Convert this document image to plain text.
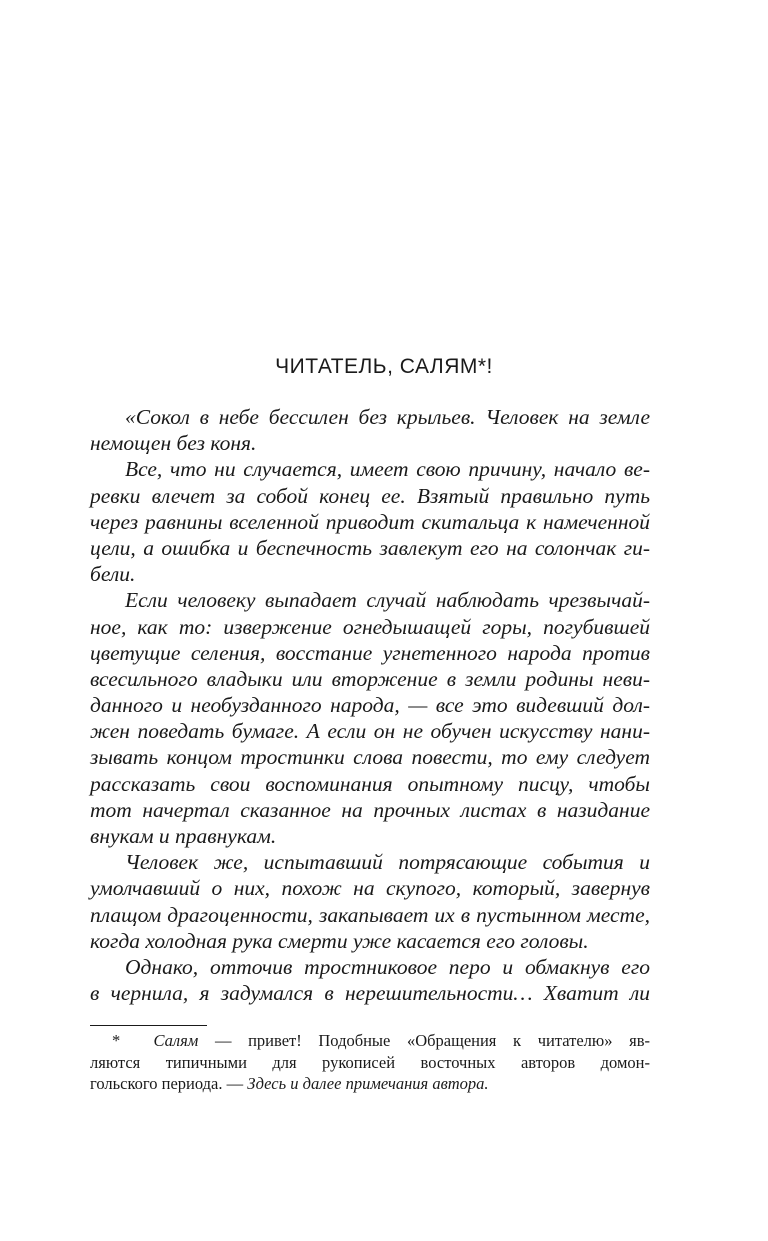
ЧИТАТЕЛЬ, САЛЯМ*!
«Сокол в небе бессилен без крыльев. Человек на земле
немощен без коня.
Все, что ни случается, имеет свою причину, начало ве-
ревки влечет за собой конец ее. Взятый правильно путь
через равнины вселенной приводит скитальца к намеченной
цели, а ошибка и беспечность завлекут его на солончак ги-
бели.
Если человеку выпадает случай наблюдать чрезвычай-
ное, как то: извержение огнедышащей горы, погубившей
цветущие селения, восстание угнетенного народа против
всесильного владыки или вторжение в земли родины невu-
данного и необузданного народа, — все это видевший дол-
жен поведать бумаге. А если он не обучен искусству нани-
зывать концом тростинки слова повести, то ему следует
рассказать свои воспоминания опытному писцу, чтобы
тот начертал сказанное на прочных листах в назидание
внукам и правнукам.
Человек же, испытавший потрясающие события и
умолчавший о них, похож на скупого, который, завернув
плащом драгоценности, закапывает их в пустынном месте,
когда холодная рука смерти уже касается его головы.
Однако, отточив тростниковое перо и обмакнув его
в чернила, я задумался в нерешительности… Хватит ли
* Салям — привет! Подобные «Обращения к читателю» яв-
ляются типичными для рукописей восточных авторов домон-
гольского периода. — Здесь и далее примечания автора.
